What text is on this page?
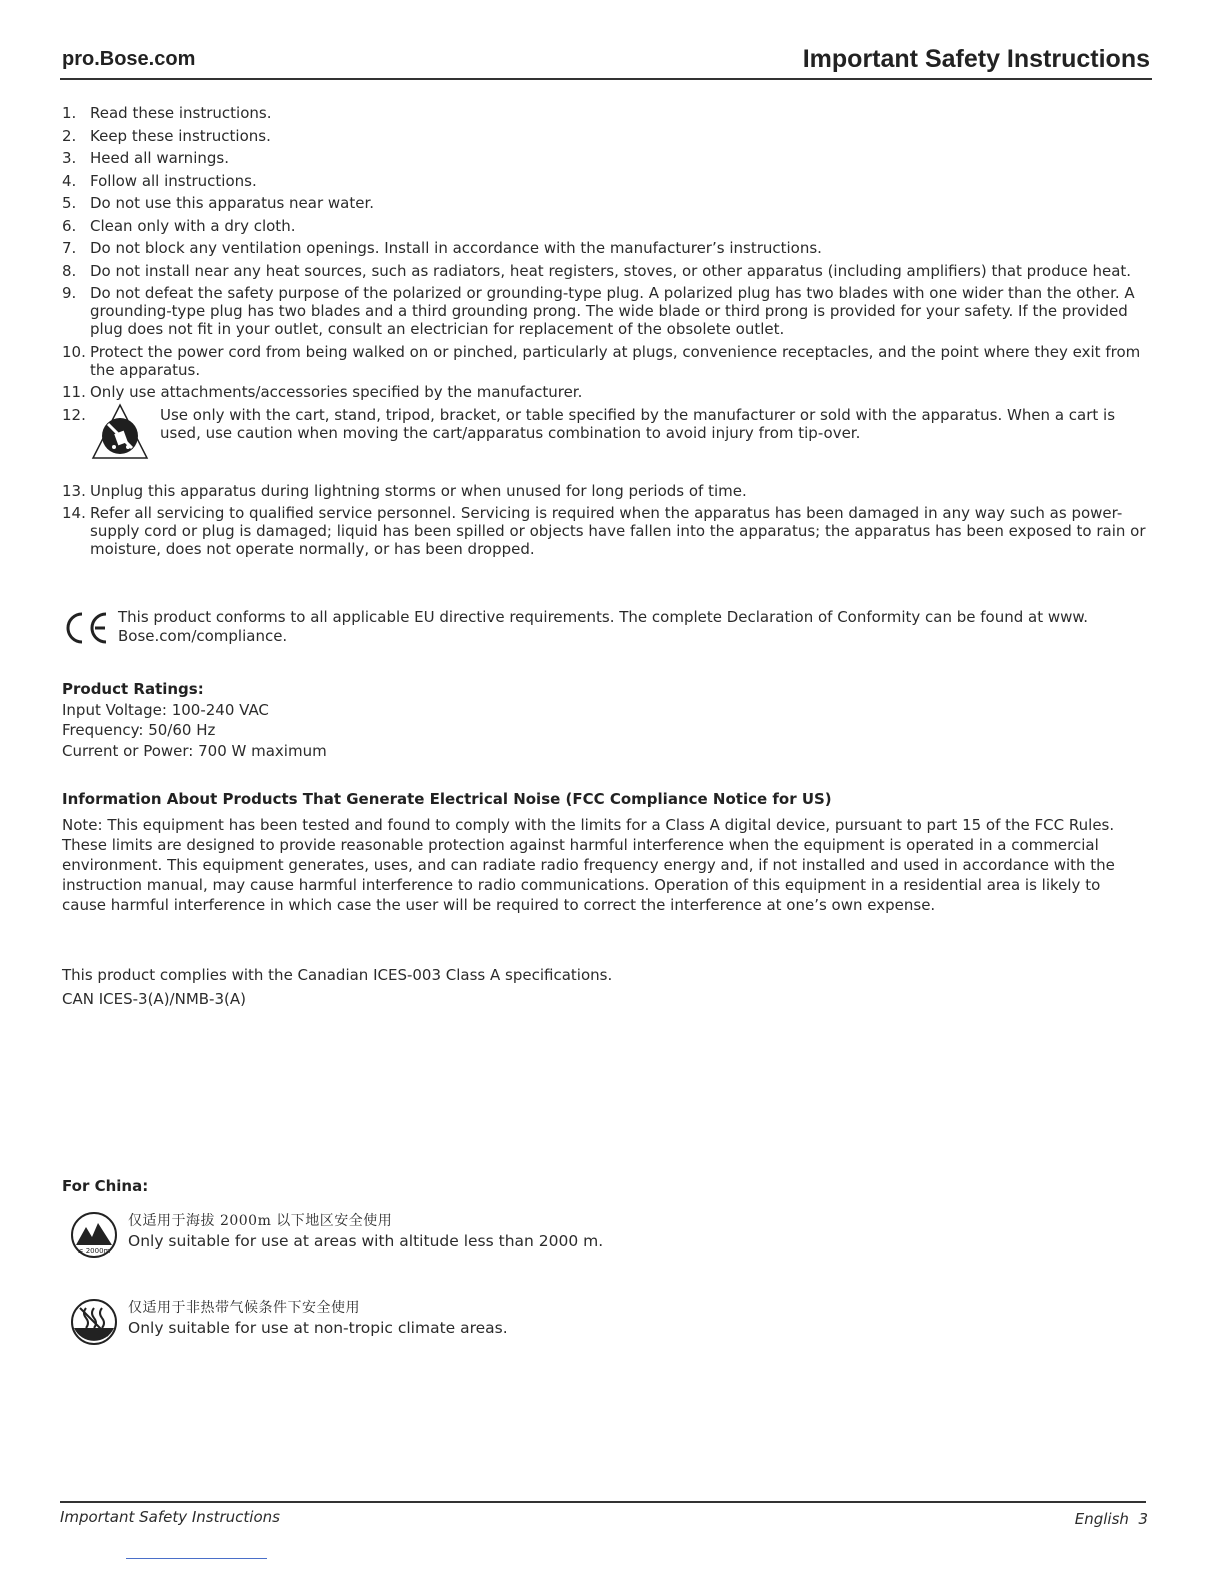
pro.Bose.com	Important Safety Instructions
1. Read these instructions.
2. Keep these instructions.
3. Heed all warnings.
4. Follow all instructions.
5. Do not use this apparatus near water.
6. Clean only with a dry cloth.
7. Do not block any ventilation openings. Install in accordance with the manufacturer’s instructions.
8. Do not install near any heat sources, such as radiators, heat registers, stoves, or other apparatus (including amplifiers) that produce heat.
9. Do not defeat the safety purpose of the polarized or grounding-type plug. A polarized plug has two blades with one wider than the other. A grounding-type plug has two blades and a third grounding prong. The wide blade or third prong is provided for your safety. If the provided plug does not fit in your outlet, consult an electrician for replacement of the obsolete outlet.
10. Protect the power cord from being walked on or pinched, particularly at plugs, convenience receptacles, and the point where they exit from the apparatus.
11. Only use attachments/accessories specified by the manufacturer.
12.	Use only with the cart, stand, tripod, bracket, or table specified by the manufacturer or sold with the apparatus. When a cart is used, use caution when moving the cart/apparatus combination to avoid injury from tip-over.
13. Unplug this apparatus during lightning storms or when unused for long periods of time.
14. Refer all servicing to qualified service personnel. Servicing is required when the apparatus has been damaged in any way such as power-supply cord or plug is damaged; liquid has been spilled or objects have fallen into the apparatus; the apparatus has been exposed to rain or moisture, does not operate normally, or has been dropped.
This product conforms to all applicable EU directive requirements. The complete Declaration of Conformity can be found at www. Bose.com/compliance.
Product Ratings:
Input Voltage: 100-240 VAC
Frequency: 50/60 Hz
Current or Power: 700 W maximum
Information About Products That Generate Electrical Noise (FCC Compliance Notice for US)
Note: This equipment has been tested and found to comply with the limits for a Class A digital device, pursuant to part 15 of the FCC Rules. These limits are designed to provide reasonable protection against harmful interference when the equipment is operated in a commercial environment. This equipment generates, uses, and can radiate radio frequency energy and, if not installed and used in accordance with the instruction manual, may cause harmful interference to radio communications. Operation of this equipment in a residential area is likely to cause harmful interference in which case the user will be required to correct the interference at one’s own expense.
This product complies with the Canadian ICES-003 Class A specifications.
CAN ICES-3(A)/NMB-3(A)
For China:
≤ 2000m
仅适用于海拔 2000m 以下地区安全使用
Only suitable for use at areas with altitude less than 2000 m.
仅适用于非热带气候条件下安全使用
Only suitable for use at non-tropic climate areas.
Important Safety Instructions	English  3
